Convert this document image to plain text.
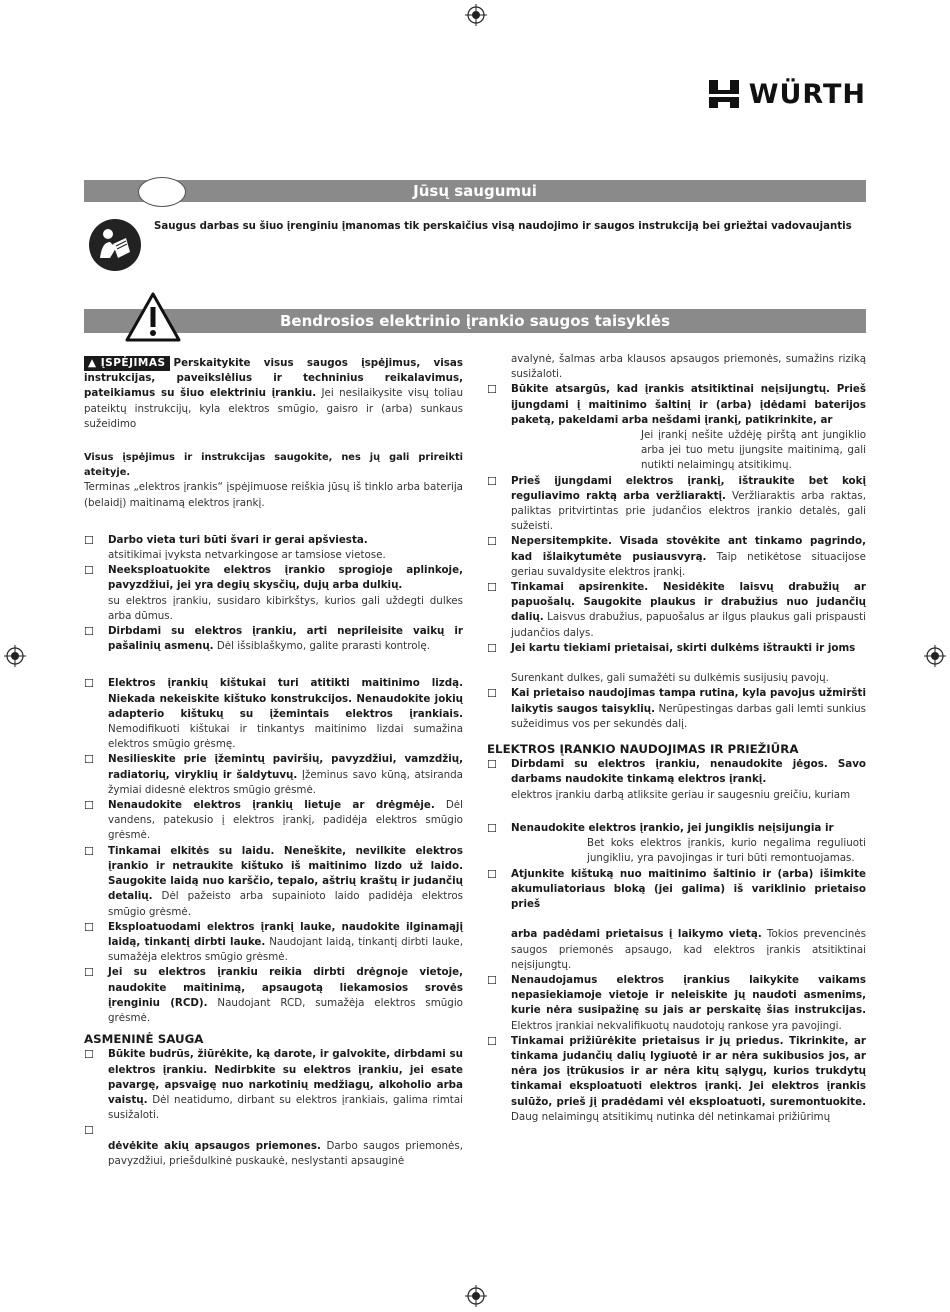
WÜRTH
Jūsų saugumui
Saugus darbas su šiuo įrenginiu įmanomas tik perskaičius visą naudojimo ir saugos instrukciją bei griežtai vadovaujantis
Bendrosios elektrinio įrankio saugos taisyklės

▲ ĮSPĖJIMAS Perskaitykite visus saugos įspėjimus, visas instrukcijas, paveikslėlius ir techninius reikalavimus, pateikiamus su šiuo elektriniu įrankiu. Jei nesilaikysite visų toliau pateiktų instrukcijų, kyla elektros smūgio, gaisro ir (arba) sunkaus sužeidimo

Visus įspėjimus ir instrukcijas saugokite, nes jų gali prireikti ateityje.

Terminas „elektros įrankis“ įspėjimuose reiškia jūsų iš tinklo arba baterija (belaidį) maitinamą elektros įrankį.

☐ Darbo vieta turi būti švari ir gerai apšviesta.
atsitikimai įvyksta netvarkingose ar tamsiose vietose.
☐ Neeksploatuokite elektros įrankio sprogioje aplinkoje, pavyzdžiui, jei yra degių skysčių, dujų arba dulkių.
su elektros įrankiu, susidaro kibirkštys, kurios gali uždegti dulkes arba dūmus.
☐ Dirbdami su elektros įrankiu, arti neprileisite vaikų ir pašalinių asmenų. Dėl išsiblaškymo, galite prarasti kontrolę.
☐ Elektros įrankių kištukai turi atitikti maitinimo lizdą. Niekada nekeiskite kištuko konstrukcijos. Nenaudokite jokių adapterio kištukų su įžemintais elektros įrankiais. Nemodifikuoti kištukai ir tinkantys maitinimo lizdai sumažina elektros smūgio grėsmę.
☐ Nesilieskite prie įžemintų paviršių, pavyzdžiui, vamzdžių, radiatorių, viryklių ir šaldytuvų. Įžeminus savo kūną, atsiranda žymiai didesnė elektros smūgio grėsmė.
☐ Nenaudokite elektros įrankių lietuje ar drėgmėje. Dėl vandens, patekusio į elektros įrankį, padidėja elektros smūgio grėsmė.
☐ Tinkamai elkitės su laidu. Neneškite, nevilkite elektros įrankio ir netraukite kištuko iš maitinimo lizdo už laido. Saugokite laidą nuo karščio, tepalo, aštrių kraštų ir judančių detalių. Dėl pažeisto arba supainioto laido padidėja elektros smūgio grėsmė.
☐ Eksploatuodami elektros įrankį lauke, naudokite ilginamąjį laidą, tinkantį dirbti lauke. Naudojant laidą, tinkantį dirbti lauke, sumažėja elektros smūgio grėsmė.
☐ Jei su elektros įrankiu reikia dirbti drėgnoje vietoje, naudokite maitinimą, apsaugotą liekamosios srovės įrenginiu (RCD). Naudojant RCD, sumažėja elektros smūgio grėsmė.

ASMENINĖ SAUGA

☐ Būkite budrūs, žiūrėkite, ką darote, ir galvokite, dirbdami su elektros įrankiu. Nedirbkite su elektros įrankiu, jei esate pavargę, apsvaigę nuo narkotinių medžiagų, alkoholio arba vaistų. Dėl neatidumo, dirbant su elektros įrankiais, galima rimtai susižaloti.
☐

dėvėkite akių apsaugos priemones. Darbo saugos priemonės, pavyzdžiui, priešdulkinė puskaukė, neslystanti apsauginė
avalynė, šalmas arba klausos apsaugos priemonės, sumažins riziką susižaloti.
☐ Būkite atsargūs, kad įrankis atsitiktinai neįsijungtų. Prieš įjungdami į maitinimo šaltinį ir (arba) įdėdami baterijos paketą, pakeldami arba nešdami įrankį, patikrinkite, ar

Jei įrankį nešite uždėję pirštą ant jungiklio arba jei tuo metu įjungsite maitinimą, gali nutikti nelaimingų atsitikimų.
☐ Prieš įjungdami elektros įrankį, ištraukite bet kokį reguliavimo raktą arba veržliaraktį. Veržliaraktis arba raktas, paliktas pritvirtintas prie judančios elektros įrankio detalės, gali sužeisti.
☐ Nepersitempkite. Visada stovėkite ant tinkamo pagrindo, kad išlaikytumėte pusiausvyrą. Taip netikėtose situacijose geriau suvaldysite elektros įrankį.
☐ Tinkamai apsirenkite. Nesidėkite laisvų drabužių ar papuošalų. Saugokite plaukus ir drabužius nuo judančių dalių. Laisvus drabužius, papuošalus ar ilgus plaukus gali prispausti judančios dalys.
☐ Jei kartu tiekiami prietaisai, skirti dulkėms ištraukti ir joms

Surenkant dulkes, gali sumažėti su dulkėmis susijusių pavojų.
☐ Kai prietaiso naudojimas tampa rutina, kyla pavojus užmiršti laikytis saugos taisyklių. Nerūpestingas darbas gali lemti sunkius sužeidimus vos per sekundės dalį.

ELEKTROS ĮRANKIO NAUDOJIMAS IR PRIEŽIŪRA

☐ Dirbdami su elektros įrankiu, nenaudokite jėgos. Savo darbams naudokite tinkamą elektros įrankį.
elektros įrankiu darbą atliksite geriau ir saugesniu greičiu, kuriam
☐ Nenaudokite elektros įrankio, jei jungiklis neįsijungia ir

Bet koks elektros įrankis, kurio negalima reguliuoti jungikliu, yra pavojingas ir turi būti remontuojamas.
☐ Atjunkite kištuką nuo maitinimo šaltinio ir (arba) išimkite akumuliatoriaus bloką (jei galima) iš varikliniо prietaiso prieš

arba padėdami prietaisus į laikymo vietą. Tokios prevencinės saugos priemonės apsaugo, kad elektros įrankis atsitiktinai neįsijungtų.
☐ Nenaudojamus elektros įrankius laikykite vaikams nepasiekiamoje vietoje ir neleiskite jų naudoti asmenims, kurie nėra susipažinę su jais ar perskaitę šias instrukcijas. Elektros įrankiai nekvalifikuotų naudotojų rankose yra pavojingi.
☐ Tinkamai prižiūrėkite prietaisus ir jų priedus. Tikrinkite, ar tinkama judančių dalių lygiuotė ir ar nėra sukibusios jos, ar nėra jos įtrūkusios ir ar nėra kitų sąlygų, kurios trukdytų tinkamai eksploatuoti elektros įrankį. Jei elektros įrankis sulūžo, prieš jį pradėdami vėl eksploatuoti, suremontuokite. Daug nelaimingų atsitikimų nutinka dėl netinkamai prižiūrimų
